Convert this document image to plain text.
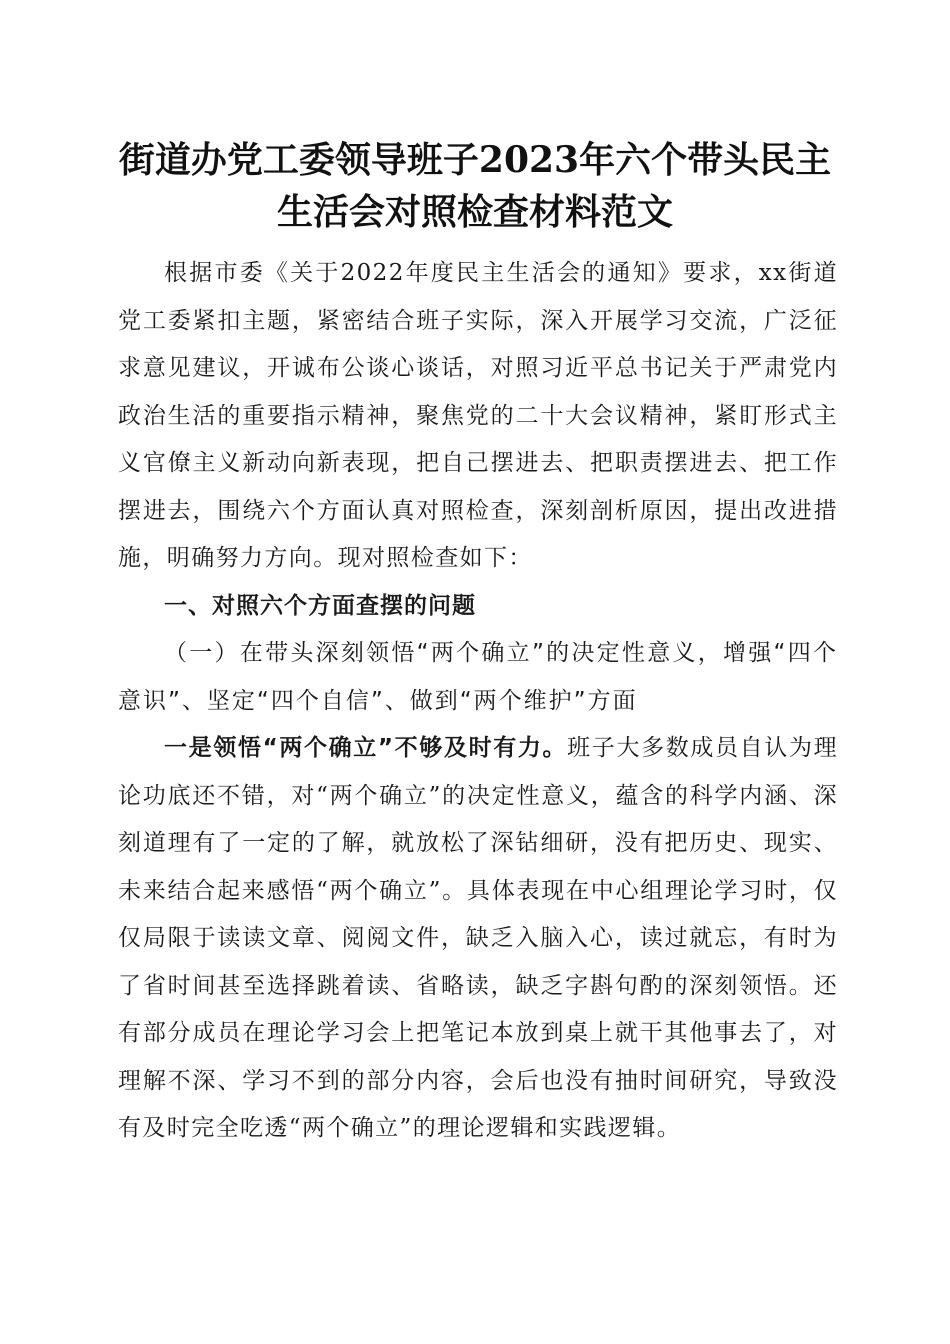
街道办党工委领导班子2023年六个带头民主
生活会对照检查材料范文

根据市委《关于2022年度民主生活会的通知》要求，xx街道党工委紧扣主题，紧密结合班子实际，深入开展学习交流，广泛征求意见建议，开诚布公谈心谈话，对照习近平总书记关于严肃党内政治生活的重要指示精神，聚焦党的二十大会议精神，紧盯形式主义官僚主义新动向新表现，把自己摆进去、把职责摆进去、把工作摆进去，围绕六个方面认真对照检查，深刻剖析原因，提出改进措施，明确努力方向。现对照检查如下：

一、对照六个方面查摆的问题

（一）在带头深刻领悟“两个确立”的决定性意义，增强“四个意识”、坚定“四个自信”、做到“两个维护”方面

一是领悟“两个确立”不够及时有力。班子大多数成员自认为理论功底还不错，对“两个确立”的决定性意义，蕴含的科学内涵、深刻道理有了一定的了解，就放松了深钻细研，没有把历史、现实、未来结合起来感悟“两个确立”。具体表现在中心组理论学习时，仅仅局限于读读文章、阅阅文件，缺乏入脑入心，读过就忘，有时为了省时间甚至选择跳着读、省略读，缺乏字斟句酌的深刻领悟。还有部分成员在理论学习会上把笔记本放到桌上就干其他事去了，对理解不深、学习不到的部分内容，会后也没有抽时间研究，导致没有及时完全吃透“两个确立”的理论逻辑和实践逻辑。
